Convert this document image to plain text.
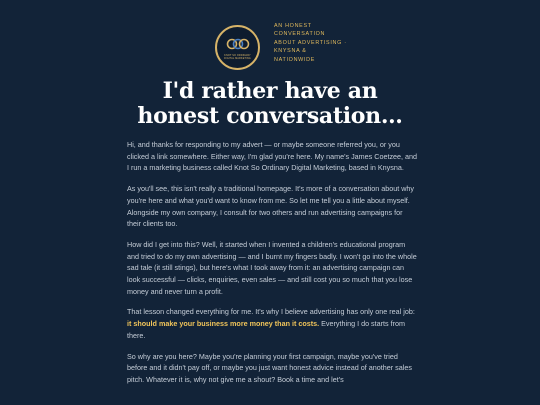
KNOT SO ORDINARY
DIGITAL MARKETING
AN HONEST
CONVERSATION
ABOUT ADVERTISING ·
KNYSNA &
NATIONWIDE
I'd rather have an
honest conversation…

Hi, and thanks for responding to my advert — or maybe someone referred you, or you clicked a link somewhere. Either way, I'm glad you're here. My name's James Coetzee, and I run a marketing business called Knot So Ordinary Digital Marketing, based in Knysna.

As you'll see, this isn't really a traditional homepage. It's more of a conversation about why you're here and what you'd want to know from me. So let me tell you a little about myself. Alongside my own company, I consult for two others and run advertising campaigns for their clients too.

How did I get into this? Well, it started when I invented a children's educational program and tried to do my own advertising — and I burnt my fingers badly. I won't go into the whole sad tale (it still stings), but here's what I took away from it: an advertising campaign can look successful — clicks, enquiries, even sales — and still cost you so much that you lose money and never turn a profit.

That lesson changed everything for me. It's why I believe advertising has only one real job: it should make your business more money than it costs. Everything I do starts from there.

So why are you here? Maybe you're planning your first campaign, maybe you've tried before and it didn't pay off, or maybe you just want honest advice instead of another sales pitch. Whatever it is, why not give me a shout? Book a time and let's
